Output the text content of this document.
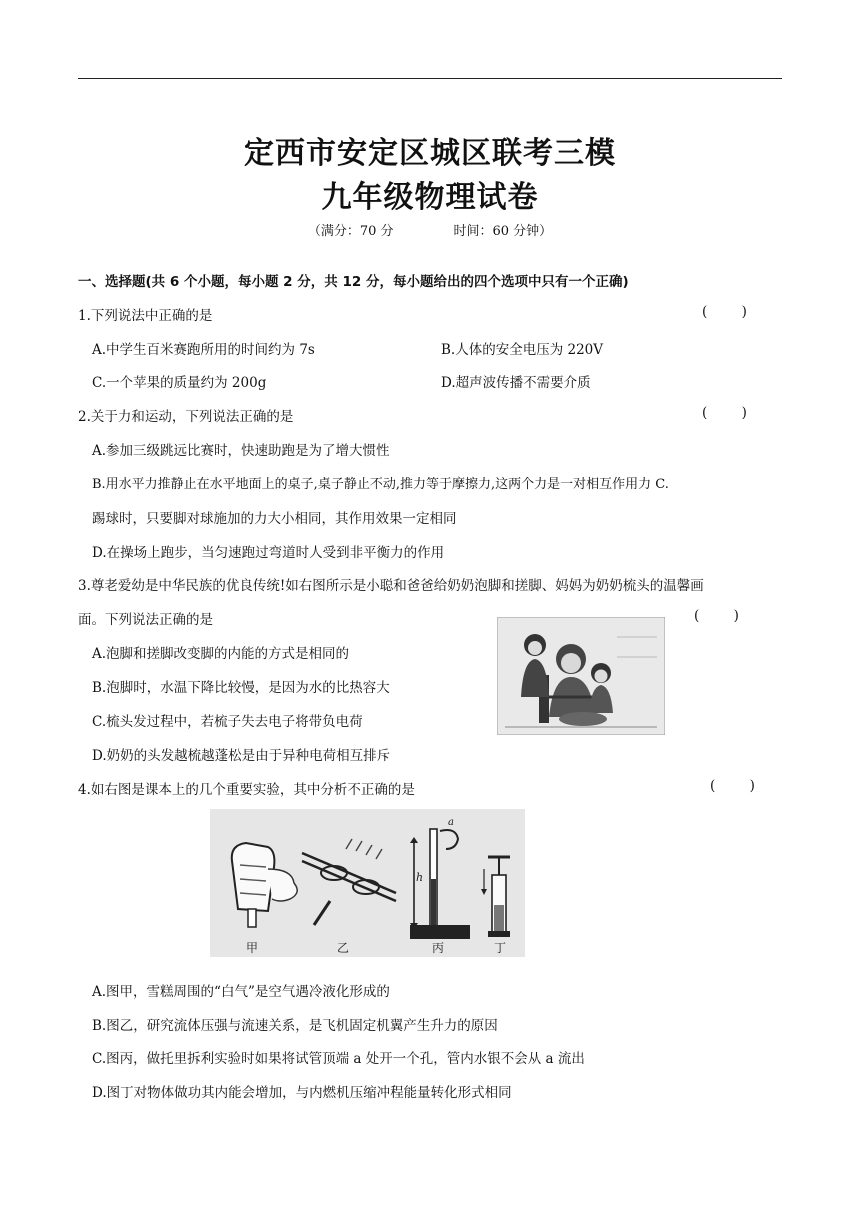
定西市安定区城区联考三模
九年级物理试卷
（满分：70 分	时间：60 分钟）
一、选择题(共 6 个小题，每小题 2 分，共 12 分，每小题给出的四个选项中只有一个正确)
1.下列说法中正确的是	(        )
A.中学生百米赛跑所用的时间约为 7s	B.人体的安全电压为 220V
C.一个苹果的质量约为 200g	D.超声波传播不需要介质
2.关于力和运动，下列说法正确的是	(        )
A.参加三级跳远比赛时，快速助跑是为了增大惯性
B.用水平力推静止在水平地面上的桌子,桌子静止不动,推力等于摩擦力,这两个力是一对相互作用力 C.
踢球时，只要脚对球施加的力大小相同，其作用效果一定相同
D.在操场上跑步，当匀速跑过弯道时人受到非平衡力的作用
3.尊老爱幼是中华民族的优良传统!如右图所示是小聪和爸爸给奶奶泡脚和搓脚、妈妈为奶奶梳头的温馨画
面。下列说法正确的是	(        )
A.泡脚和搓脚改变脚的内能的方式是相同的
B.泡脚时，水温下降比较慢，是因为水的比热容大
C.梳头发过程中，若梳子失去电子将带负电荷
D.奶奶的头发越梳越蓬松是由于异种电荷相互排斥
4.如右图是课本上的几个重要实验，其中分析不正确的是	(        )
h
a
甲	乙	丙	丁
A.图甲，雪糕周围的“白气”是空气遇冷液化形成的
B.图乙，研究流体压强与流速关系，是飞机固定机翼产生升力的原因
C.图丙，做托里拆利实验时如果将试管顶端 a 处开一个孔，管内水银不会从 a 流出
D.图丁对物体做功其内能会增加，与内燃机压缩冲程能量转化形式相同
